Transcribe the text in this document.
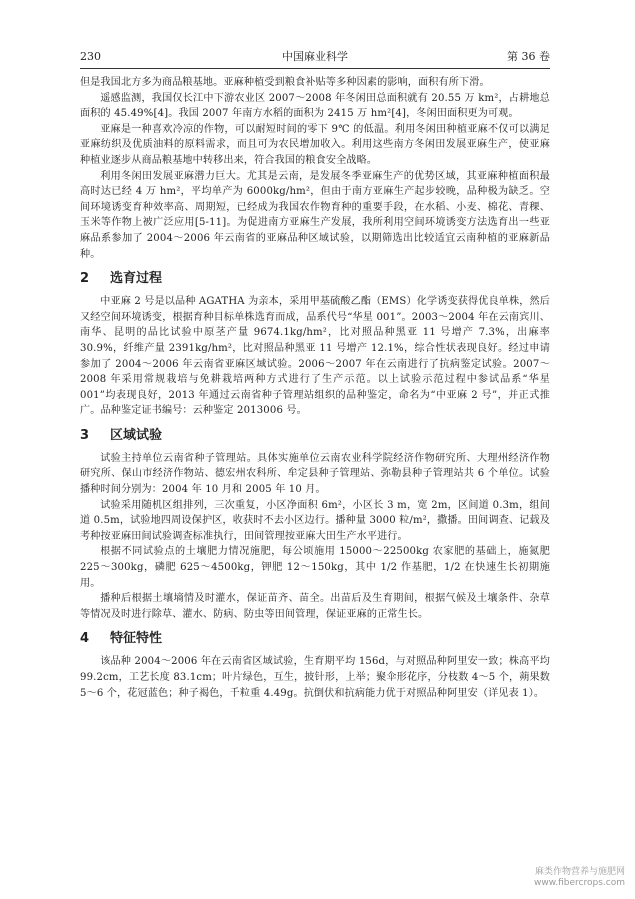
230	中国麻业科学	第 36 卷

但是我国北方多为商品粮基地。亚麻种植受到粮食补贴等多种因素的影响，面积有所下滑。

遥感监测，我国仅长江中下游农业区 2007～2008 年冬闲田总面积就有 20.55 万 km²，占耕地总面积的 45.49%[4]。我国 2007 年南方水稻的面积为 2415 万 hm²[4]，冬闲田面积更为可观。

亚麻是一种喜欢冷凉的作物，可以耐短时间的零下 9℃ 的低温。利用冬闲田种植亚麻不仅可以满足亚麻纺织及优质油料的原料需求，而且可为农民增加收入。利用这些南方冬闲田发展亚麻生产，使亚麻种植业逐步从商品粮基地中转移出来，符合我国的粮食安全战略。

利用冬闲田发展亚麻潜力巨大。尤其是云南，是发展冬季亚麻生产的优势区域，其亚麻种植面积最高时达已经 4 万 hm²，平均单产为 6000kg/hm²，但由于南方亚麻生产起步较晚，品种极为缺乏。空间环境诱变育种效率高、周期短，已经成为我国农作物育种的重要手段，在水稻、小麦、棉花、青稞、玉米等作物上被广泛应用[5-11]。为促进南方亚麻生产发展，我所利用空间环境诱变方法选育出一些亚麻品系参加了 2004～2006 年云南省的亚麻品种区域试验，以期筛选出比较适宜云南种植的亚麻新品种。

2 选育过程

中亚麻 2 号是以品种 AGATHA 为亲本，采用甲基硫酸乙酯（EMS）化学诱变获得优良单株，然后又经空间环境诱变，根据育种目标单株选育而成，品系代号“华星 001”。2003～2004 年在云南宾川、南华、昆明的品比试验中原茎产量 9674.1kg/hm²，比对照品种黑亚 11 号增产 7.3%，出麻率 30.9%，纤维产量 2391kg/hm²，比对照品种黑亚 11 号增产 12.1%，综合性状表现良好。经过申请参加了 2004～2006 年云南省亚麻区域试验。2006～2007 年在云南进行了抗病鉴定试验。2007～2008 年采用常规栽培与免耕栽培两种方式进行了生产示范。以上试验示范过程中参试品系“华星 001”均表现良好，2013 年通过云南省种子管理站组织的品种鉴定，命名为“中亚麻 2 号”，并正式推广。品种鉴定证书编号：云种鉴定 2013006 号。

3 区域试验

试验主持单位云南省种子管理站。具体实施单位云南农业科学院经济作物研究所、大理州经济作物研究所、保山市经济作物站、德宏州农科所、牟定县种子管理站、弥勒县种子管理站共 6 个单位。试验播种时间分别为：2004 年 10 月和 2005 年 10 月。

试验采用随机区组排列，三次重复，小区净面积 6m²，小区长 3 m，宽 2m，区间道 0.3m，组间道 0.5m，试验地四周设保护区，收获时不去小区边行。播种量 3000 粒/m²，撒播。田间调查、记载及考种按亚麻田间试验调查标准执行，田间管理按亚麻大田生产水平进行。

根据不同试验点的土壤肥力情况施肥，每公顷施用 15000～22500kg 农家肥的基础上，施氮肥 225～300kg，磷肥 625～4500kg，钾肥 12～150kg，其中 1/2 作基肥，1/2 在快速生长初期施用。

播种后根据土壤墒情及时灌水，保证苗齐、苗全。出苗后及生育期间，根据气候及土壤条件、杂草等情况及时进行除草、灌水、防病、防虫等田间管理，保证亚麻的正常生长。

4 特征特性

该品种 2004～2006 年在云南省区域试验，生育期平均 156d，与对照品种阿里安一致；株高平均 99.2cm，工艺长度 83.1cm；叶片绿色，互生，披针形，上举；聚伞形花序，分枝数 4～5 个，蒴果数 5～6 个，花冠蓝色；种子褐色，千粒重 4.49g。抗倒伏和抗病能力优于对照品种阿里安（详见表 1）。

麻类作物营养与施肥网
www.fibercrops.com
